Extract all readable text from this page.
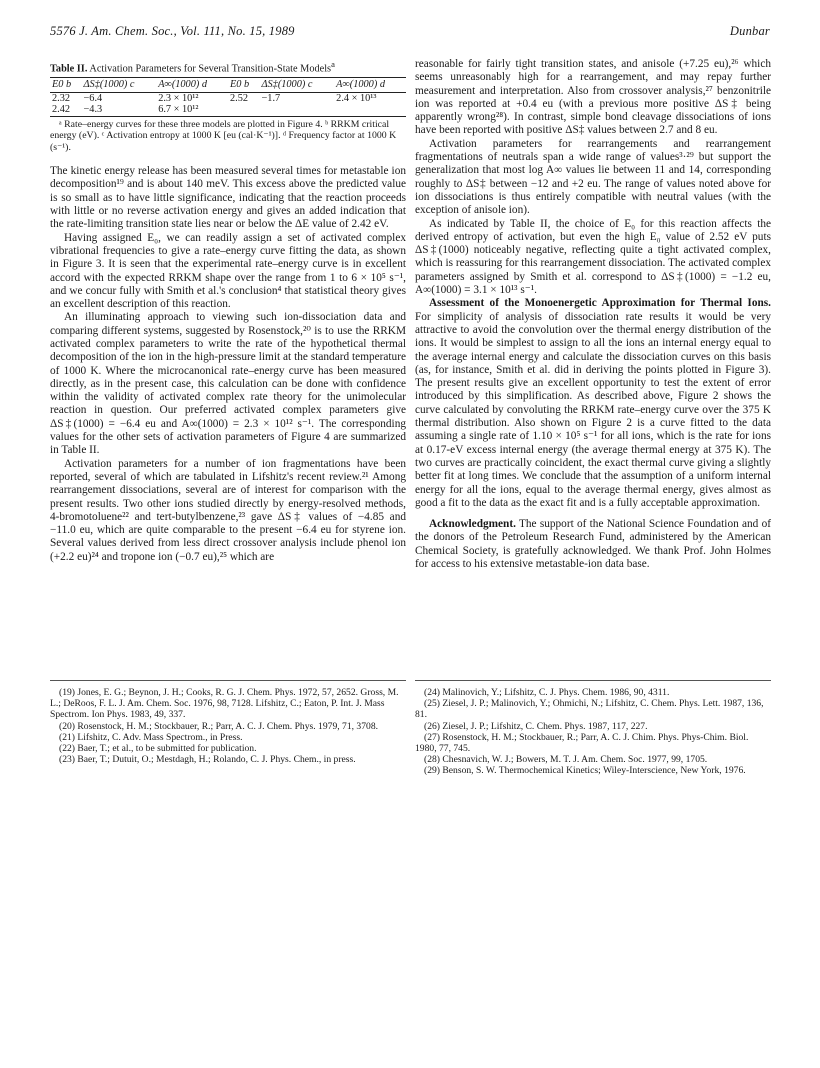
5576 J. Am. Chem. Soc., Vol. 111, No. 15, 1989	Dunbar

Table II. Activation Parameters for Several Transition-State Models$^a$

E0 b	ΔS‡(1000) c	A∞(1000) d	E0 b	ΔS‡(1000) c	A∞(1000) d
2.32	−6.4	2.3 × 10¹²	2.52	−1.7	2.4 × 10¹³
2.42	−4.3	6.7 × 10¹²			

ᵃ Rate–energy curves for these three models are plotted in Figure 4. ᵇ RRKM critical energy (eV). ᶜ Activation entropy at 1000 K [eu (cal·K⁻¹)]. ᵈ Frequency factor at 1000 K (s⁻¹).

The kinetic energy release has been measured several times for metastable ion decomposition¹⁹ and is about 140 meV. This excess above the predicted value is so small as to have little significance, indicating that the reaction proceeds with little or no reverse activation energy and gives an added indication that the rate-limiting transition state lies near or below the ΔE value of 2.42 eV.

Having assigned E₀, we can readily assign a set of activated complex vibrational frequencies to give a rate–energy curve fitting the data, as shown in Figure 3. It is seen that the experimental rate–energy curve is in excellent accord with the expected RRKM shape over the range from 1 to 6 × 10⁵ s⁻¹, and we concur fully with Smith et al.'s conclusion⁴ that statistical theory gives an excellent description of this reaction.

An illuminating approach to viewing such ion-dissociation data and comparing different systems, suggested by Rosenstock,²⁰ is to use the RRKM activated complex parameters to write the rate of the hypothetical thermal decomposition of the ion in the high-pressure limit at the standard temperature of 1000 K. Where the microcanonical rate–energy curve has been measured directly, as in the present case, this calculation can be done with confidence within the validity of activated complex rate theory for the unimolecular reaction in question. Our preferred activated complex parameters give ΔS‡(1000) = −6.4 eu and A∞(1000) = 2.3 × 10¹² s⁻¹. The corresponding values for the other sets of activation parameters of Figure 4 are summarized in Table II.

Activation parameters for a number of ion fragmentations have been reported, several of which are tabulated in Lifshitz's recent review.²¹ Among rearrangement dissociations, several are of interest for comparison with the present results. Two other ions studied directly by energy-resolved methods, 4-bromotoluene²² and tert-butylbenzene,²³ gave ΔS‡ values of −4.85 and −11.0 eu, which are quite comparable to the present −6.4 eu for styrene ion. Several values derived from less direct crossover analysis include phenol ion (+2.2 eu)²⁴ and tropone ion (−0.7 eu),²⁵ which are

reasonable for fairly tight transition states, and anisole (+7.25 eu),²⁶ which seems unreasonably high for a rearrangement, and may repay further measurement and interpretation. Also from crossover analysis,²⁷ benzonitrile ion was reported at +0.4 eu (with a previous more positive ΔS‡ being apparently wrong²⁸). In contrast, simple bond cleavage dissociations of ions have been reported with positive ΔS‡ values between 2.7 and 8 eu.

Activation parameters for rearrangements and rearrangement fragmentations of neutrals span a wide range of values³·²⁹ but support the generalization that most log A∞ values lie between 11 and 14, corresponding roughly to ΔS‡ between −12 and +2 eu. The range of values noted above for ion dissociations is thus entirely compatible with neutral values (with the exception of anisole ion).

As indicated by Table II, the choice of E₀ for this reaction affects the derived entropy of activation, but even the high E₀ value of 2.52 eV puts ΔS‡(1000) noticeably negative, reflecting quite a tight activated complex, which is reassuring for this rearrangement dissociation. The activated complex parameters assigned by Smith et al. correspond to ΔS‡(1000) = −1.2 eu, A∞(1000) = 3.1 × 10¹³ s⁻¹.

Assessment of the Monoenergetic Approximation for Thermal Ions. For simplicity of analysis of dissociation rate results it would be very attractive to avoid the convolution over the thermal energy distribution of the ions. It would be simplest to assign to all the ions an internal energy equal to the average internal energy and calculate the dissociation curves on this basis (as, for instance, Smith et al. did in deriving the points plotted in Figure 3). The present results give an excellent opportunity to test the extent of error introduced by this simplification. As described above, Figure 2 shows the curve calculated by convoluting the RRKM rate–energy curve over the 375 K thermal distribution. Also shown on Figure 2 is a curve fitted to the data assuming a single rate of 1.10 × 10⁵ s⁻¹ for all ions, which is the rate for ions at 0.17-eV excess internal energy (the average thermal energy at 375 K). The two curves are practically coincident, the exact thermal curve giving a slightly better fit at long times. We conclude that the assumption of a uniform internal energy for all the ions, equal to the average thermal energy, gives almost as good a fit to the data as the exact fit and is a fully acceptable approximation.

Acknowledgment. The support of the National Science Foundation and of the donors of the Petroleum Research Fund, administered by the American Chemical Society, is gratefully acknowledged. We thank Prof. John Holmes for access to his extensive metastable-ion data base.

(19) Jones, E. G.; Beynon, J. H.; Cooks, R. G. J. Chem. Phys. 1972, 57, 2652. Gross, M. L.; DeRoos, F. L. J. Am. Chem. Soc. 1976, 98, 7128. Lifshitz, C.; Eaton, P. Int. J. Mass Spectrom. Ion Phys. 1983, 49, 337.

(20) Rosenstock, H. M.; Stockbauer, R.; Parr, A. C. J. Chem. Phys. 1979, 71, 3708.

(21) Lifshitz, C. Adv. Mass Spectrom., in Press.

(22) Baer, T.; et al., to be submitted for publication.

(23) Baer, T.; Dutuit, O.; Mestdagh, H.; Rolando, C. J. Phys. Chem., in press.

(24) Malinovich, Y.; Lifshitz, C. J. Phys. Chem. 1986, 90, 4311.

(25) Ziesel, J. P.; Malinovich, Y.; Ohmichi, N.; Lifshitz, C. Chem. Phys. Lett. 1987, 136, 81.

(26) Ziesel, J. P.; Lifshitz, C. Chem. Phys. 1987, 117, 227.

(27) Rosenstock, H. M.; Stockbauer, R.; Parr, A. C. J. Chim. Phys. Phys-Chim. Biol. 1980, 77, 745.

(28) Chesnavich, W. J.; Bowers, M. T. J. Am. Chem. Soc. 1977, 99, 1705.

(29) Benson, S. W. Thermochemical Kinetics; Wiley-Interscience, New York, 1976.
